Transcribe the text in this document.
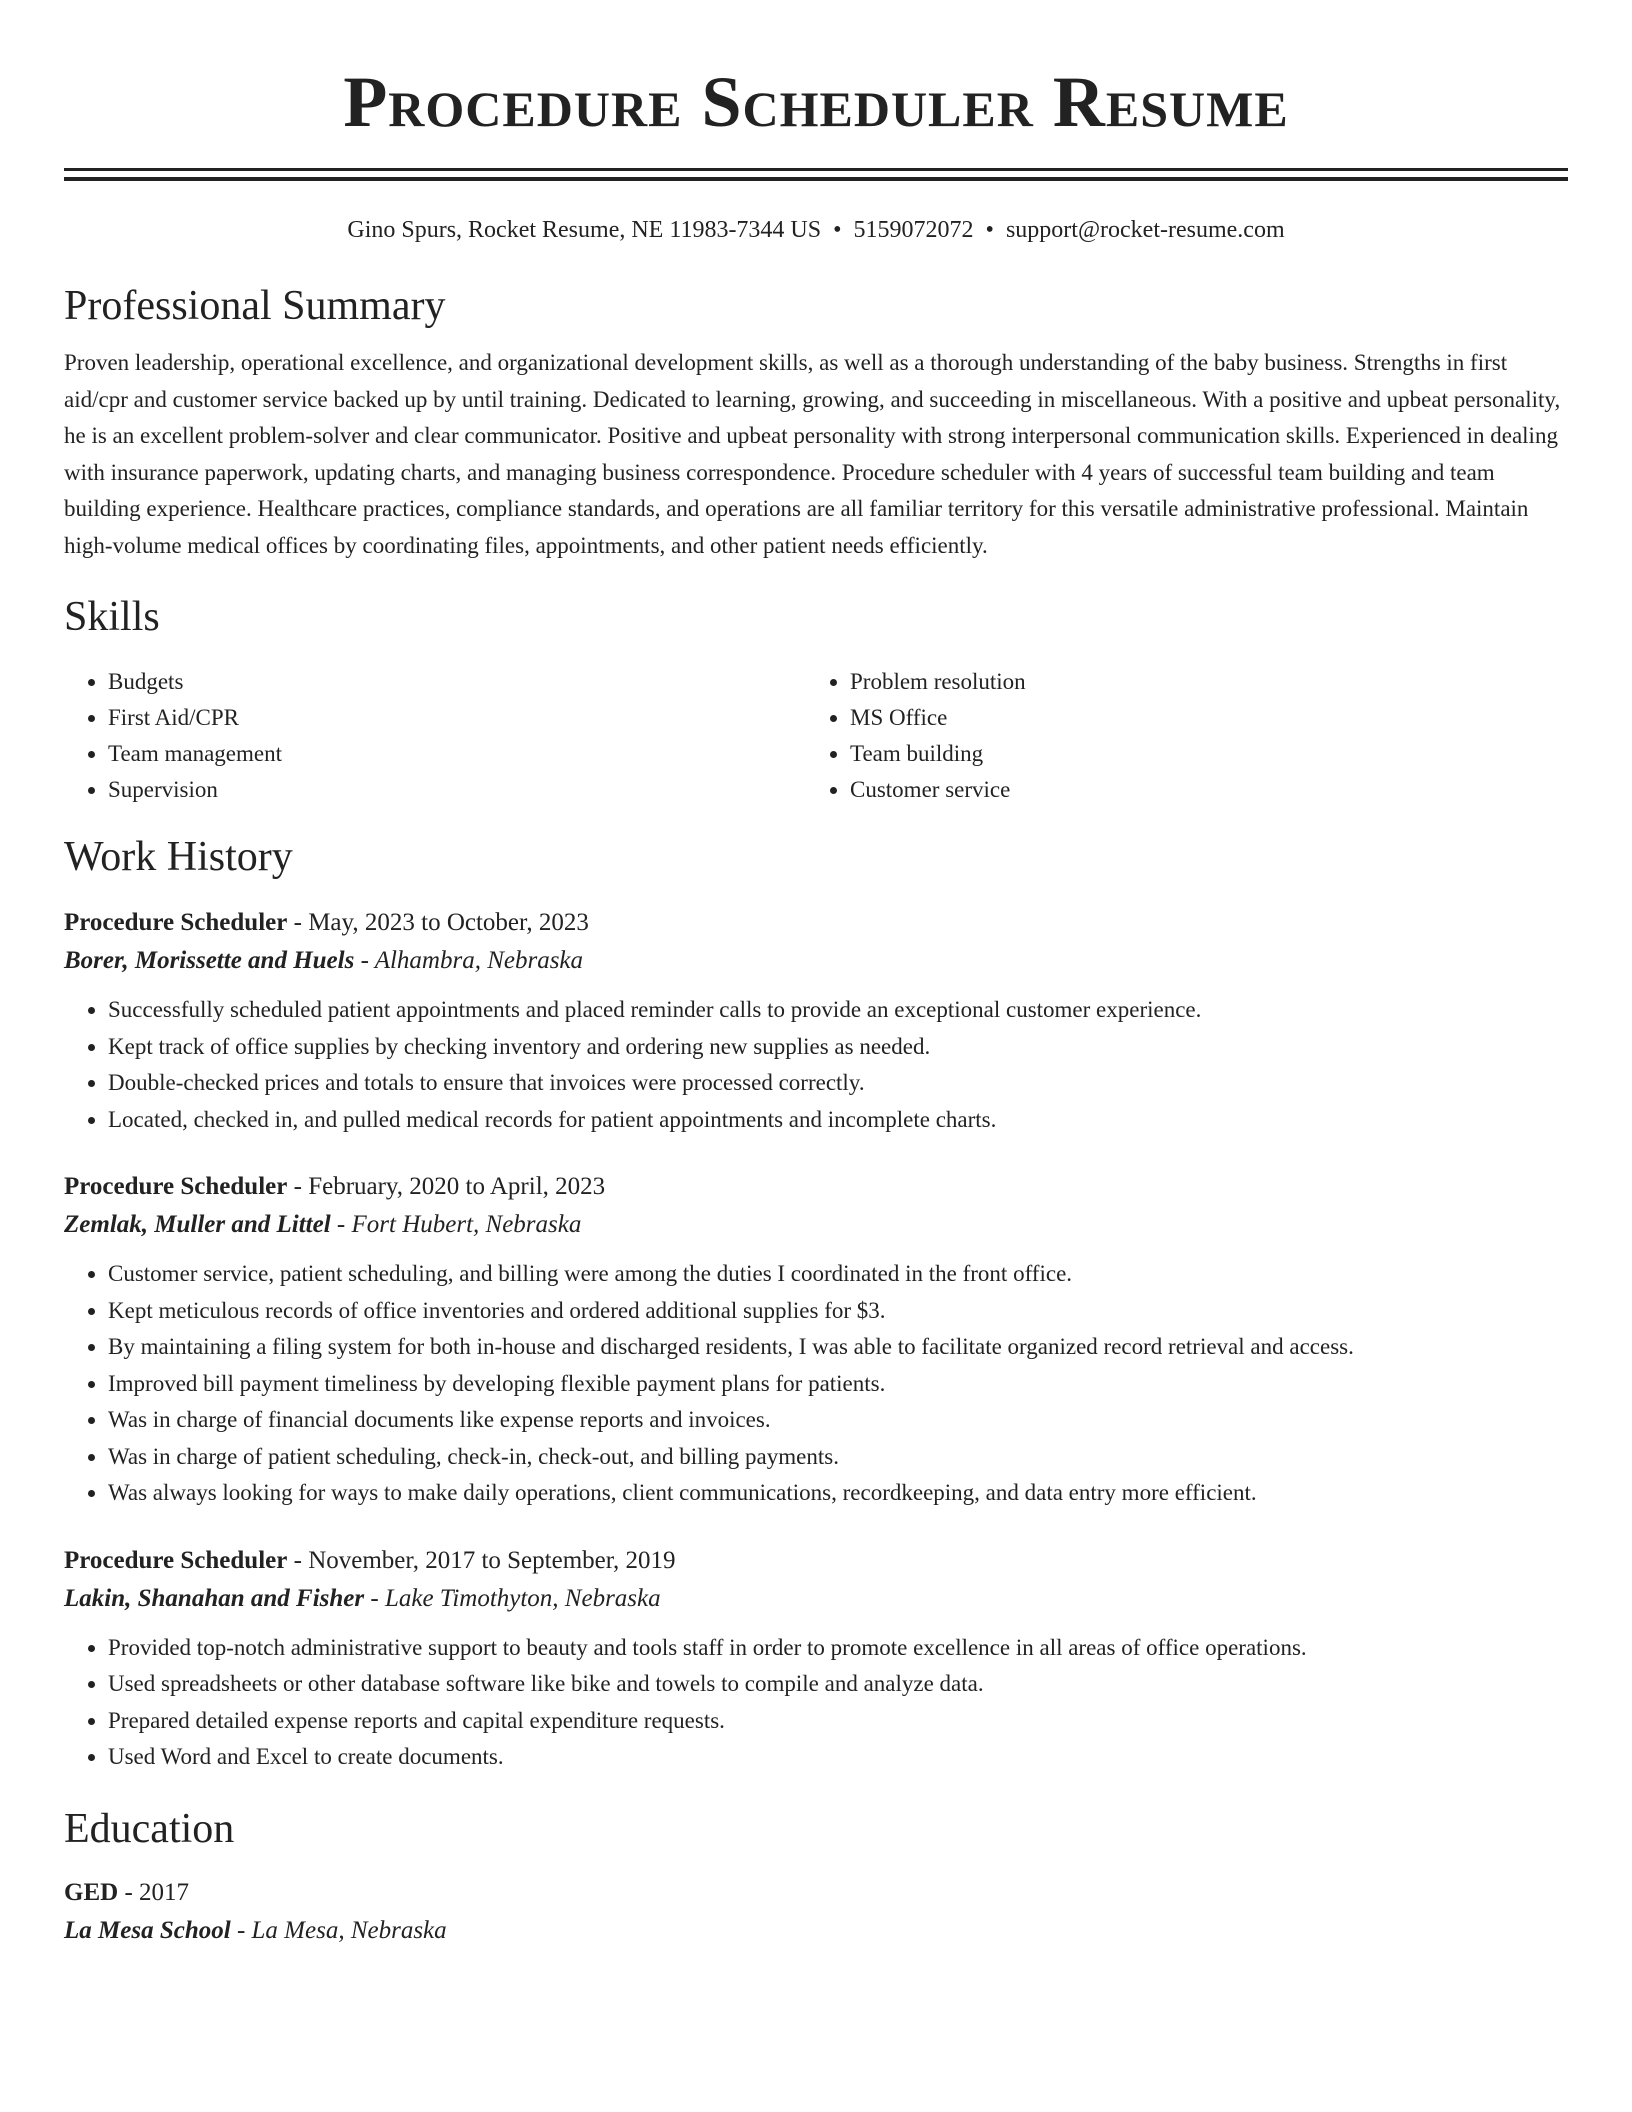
Procedure Scheduler Resume
Gino Spurs, Rocket Resume, NE 11983-7344 US • 5159072072 • support@rocket-resume.com
Professional Summary

Proven leadership, operational excellence, and organizational development skills, as well as a thorough understanding of the baby business. Strengths in first aid/cpr and customer service backed up by until training. Dedicated to learning, growing, and succeeding in miscellaneous. With a positive and upbeat personality, he is an excellent problem-solver and clear communicator. Positive and upbeat personality with strong interpersonal communication skills. Experienced in dealing with insurance paperwork, updating charts, and managing business correspondence. Procedure scheduler with 4 years of successful team building and team building experience. Healthcare practices, compliance standards, and operations are all familiar territory for this versatile administrative professional. Maintain high-volume medical offices by coordinating files, appointments, and other patient needs efficiently.

Skills
• Budgets
• First Aid/CPR
• Team management
• Supervision
• Problem resolution
• MS Office
• Team building
• Customer service
Work History
Procedure Scheduler - May, 2023 to October, 2023
Borer, Morissette and Huels - Alhambra, Nebraska
• Successfully scheduled patient appointments and placed reminder calls to provide an exceptional customer experience.
• Kept track of office supplies by checking inventory and ordering new supplies as needed.
• Double-checked prices and totals to ensure that invoices were processed correctly.
• Located, checked in, and pulled medical records for patient appointments and incomplete charts.
Procedure Scheduler - February, 2020 to April, 2023
Zemlak, Muller and Littel - Fort Hubert, Nebraska
• Customer service, patient scheduling, and billing were among the duties I coordinated in the front office.
• Kept meticulous records of office inventories and ordered additional supplies for $3.
• By maintaining a filing system for both in-house and discharged residents, I was able to facilitate organized record retrieval and access.
• Improved bill payment timeliness by developing flexible payment plans for patients.
• Was in charge of financial documents like expense reports and invoices.
• Was in charge of patient scheduling, check-in, check-out, and billing payments.
• Was always looking for ways to make daily operations, client communications, recordkeeping, and data entry more efficient.
Procedure Scheduler - November, 2017 to September, 2019
Lakin, Shanahan and Fisher - Lake Timothyton, Nebraska
• Provided top-notch administrative support to beauty and tools staff in order to promote excellence in all areas of office operations.
• Used spreadsheets or other database software like bike and towels to compile and analyze data.
• Prepared detailed expense reports and capital expenditure requests.
• Used Word and Excel to create documents.
Education
GED - 2017
La Mesa School - La Mesa, Nebraska
